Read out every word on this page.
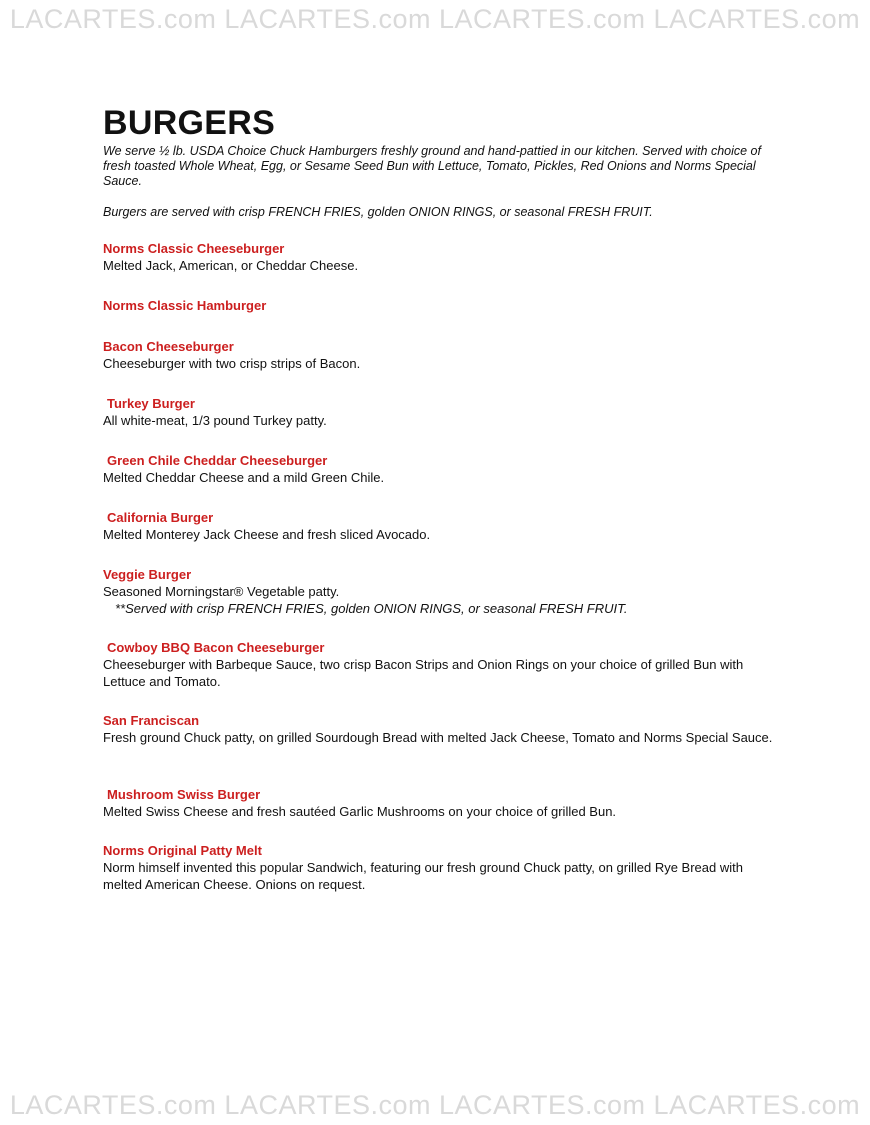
LACARTES.com LACARTES.com LACARTES.com LACARTES.com
BURGERS
We serve ½ lb. USDA Choice Chuck Hamburgers freshly ground and hand-pattied in our kitchen. Served with choice of fresh toasted Whole Wheat, Egg, or Sesame Seed Bun with Lettuce, Tomato, Pickles, Red Onions and Norms Special Sauce.
Burgers are served with crisp FRENCH FRIES, golden ONION RINGS, or seasonal FRESH FRUIT.
Norms Classic Cheeseburger
Melted Jack, American, or Cheddar Cheese.
Norms Classic Hamburger
Bacon Cheeseburger
Cheeseburger with two crisp strips of Bacon.
Turkey Burger
All white-meat, 1/3 pound Turkey patty.
Green Chile Cheddar Cheeseburger
Melted Cheddar Cheese and a mild Green Chile.
California Burger
Melted Monterey Jack Cheese and fresh sliced Avocado.
Veggie Burger
Seasoned Morningstar® Vegetable patty.
**Served with crisp FRENCH FRIES, golden ONION RINGS, or seasonal FRESH FRUIT.
Cowboy BBQ Bacon Cheeseburger
Cheeseburger with Barbeque Sauce, two crisp Bacon Strips and Onion Rings on your choice of grilled Bun with Lettuce and Tomato.
San Franciscan
Fresh ground Chuck patty, on grilled Sourdough Bread with melted Jack Cheese, Tomato and Norms Special Sauce.
Mushroom Swiss Burger
Melted Swiss Cheese and fresh sautéed Garlic Mushrooms on your choice of grilled Bun.
Norms Original Patty Melt
Norm himself invented this popular Sandwich, featuring our fresh ground Chuck patty, on grilled Rye Bread with melted American Cheese. Onions on request.
LACARTES.com LACARTES.com LACARTES.com LACARTES.com
